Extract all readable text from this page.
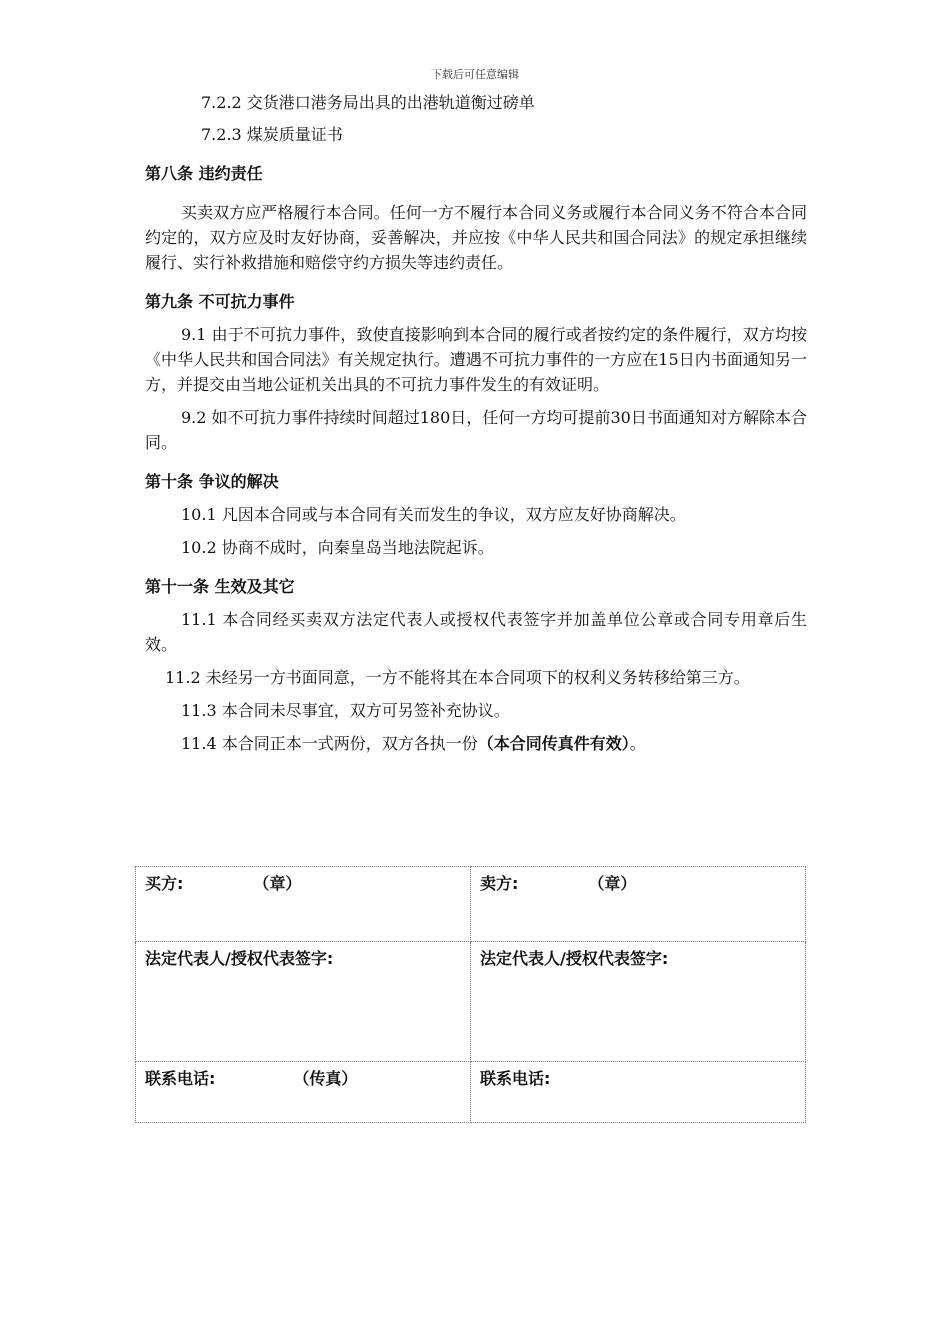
下载后可任意编辑
7.2.2 交货港口港务局出具的出港轨道衡过磅单
7.2.3 煤炭质量证书
第八条 违约责任

买卖双方应严格履行本合同。任何一方不履行本合同义务或履行本合同义务不符合本合同约定的，双方应及时友好协商，妥善解决，并应按《中华人民共和国合同法》的规定承担继续履行、实行补救措施和赔偿守约方损失等违约责任。

第九条 不可抗力事件

9.1 由于不可抗力事件，致使直接影响到本合同的履行或者按约定的条件履行，双方均按《中华人民共和国合同法》有关规定执行。遭遇不可抗力事件的一方应在15日内书面通知另一方，并提交由当地公证机关出具的不可抗力事件发生的有效证明。

9.2 如不可抗力事件持续时间超过180日，任何一方均可提前30日书面通知对方解除本合同。

第十条 争议的解决

10.1 凡因本合同或与本合同有关而发生的争议，双方应友好协商解决。

10.2 协商不成时，向秦皇岛当地法院起诉。

第十一条 生效及其它

11.1 本合同经买卖双方法定代表人或授权代表签字并加盖单位公章或合同专用章后生效。

11.2 未经另一方书面同意，一方不能将其在本合同项下的权利义务转移给第三方。

11.3 本合同未尽事宜，双方可另签补充协议。

11.4 本合同正本一式两份，双方各执一份（本合同传真件有效）。

买方: （章）	卖方: （章）
法定代表人/授权代表签字:	法定代表人/授权代表签字:
联系电话: （传真）	联系电话:
